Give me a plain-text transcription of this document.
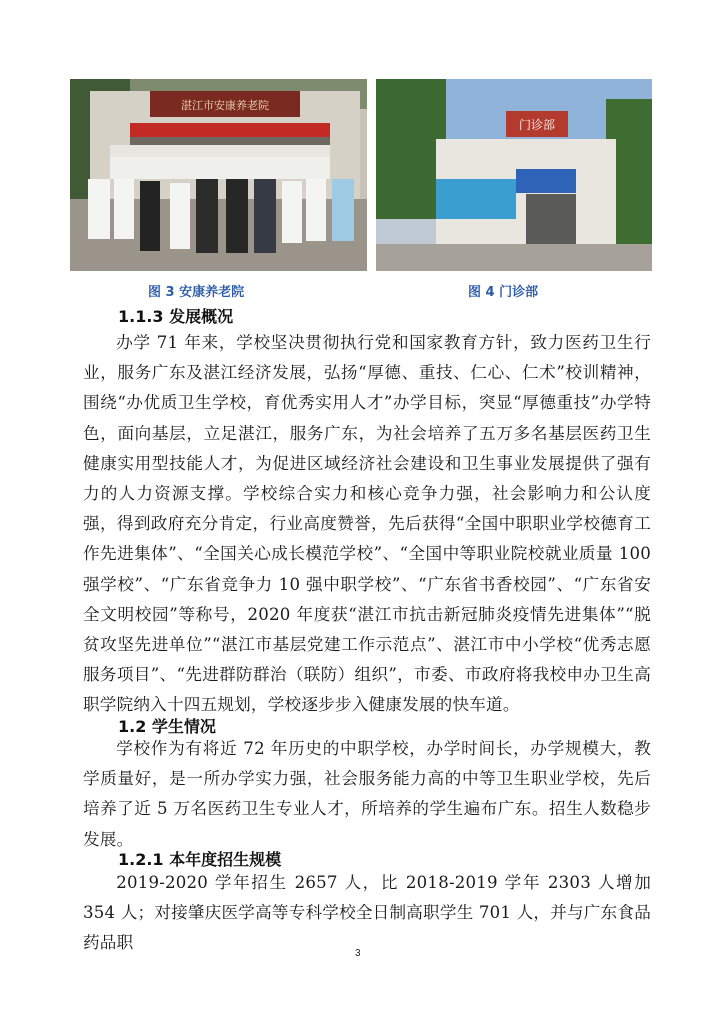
湛江市安康养老院
门诊部
图 3 安康养老院	图 4 门诊部
1.1.3 发展概况
办学 71 年来，学校坚决贯彻执行党和国家教育方针，致力医药卫生行业，服务广东及湛江经济发展，弘扬“厚德、重技、仁心、仁术”校训精神，围绕“办优质卫生学校，育优秀实用人才”办学目标，突显“厚德重技”办学特色，面向基层，立足湛江，服务广东，为社会培养了五万多名基层医药卫生健康实用型技能人才，为促进区域经济社会建设和卫生事业发展提供了强有力的人力资源支撑。学校综合实力和核心竞争力强，社会影响力和公认度强，得到政府充分肯定，行业高度赞誉，先后获得“全国中职职业学校德育工作先进集体”、“全国关心成长模范学校”、“全国中等职业院校就业质量 100 强学校”、“广东省竞争力 10 强中职学校”、“广东省书香校园”、“广东省安全文明校园”等称号，2020 年度获“湛江市抗击新冠肺炎疫情先进集体”“脱贫攻坚先进单位”“湛江市基层党建工作示范点”、湛江市中小学校“优秀志愿服务项目”、“先进群防群治（联防）组织”，市委、市政府将我校申办卫生高职学院纳入十四五规划，学校逐步步入健康发展的快车道。
1.2 学生情况
学校作为有将近 72 年历史的中职学校，办学时间长，办学规模大，教学质量好，是一所办学实力强，社会服务能力高的中等卫生职业学校，先后培养了近 5 万名医药卫生专业人才，所培养的学生遍布广东。招生人数稳步发展。
1.2.1 本年度招生规模
2019-2020 学年招生 2657 人，比 2018-2019 学年 2303 人增加 354 人；对接肇庆医学高等专科学校全日制高职学生 701 人，并与广东食品药品职
3
